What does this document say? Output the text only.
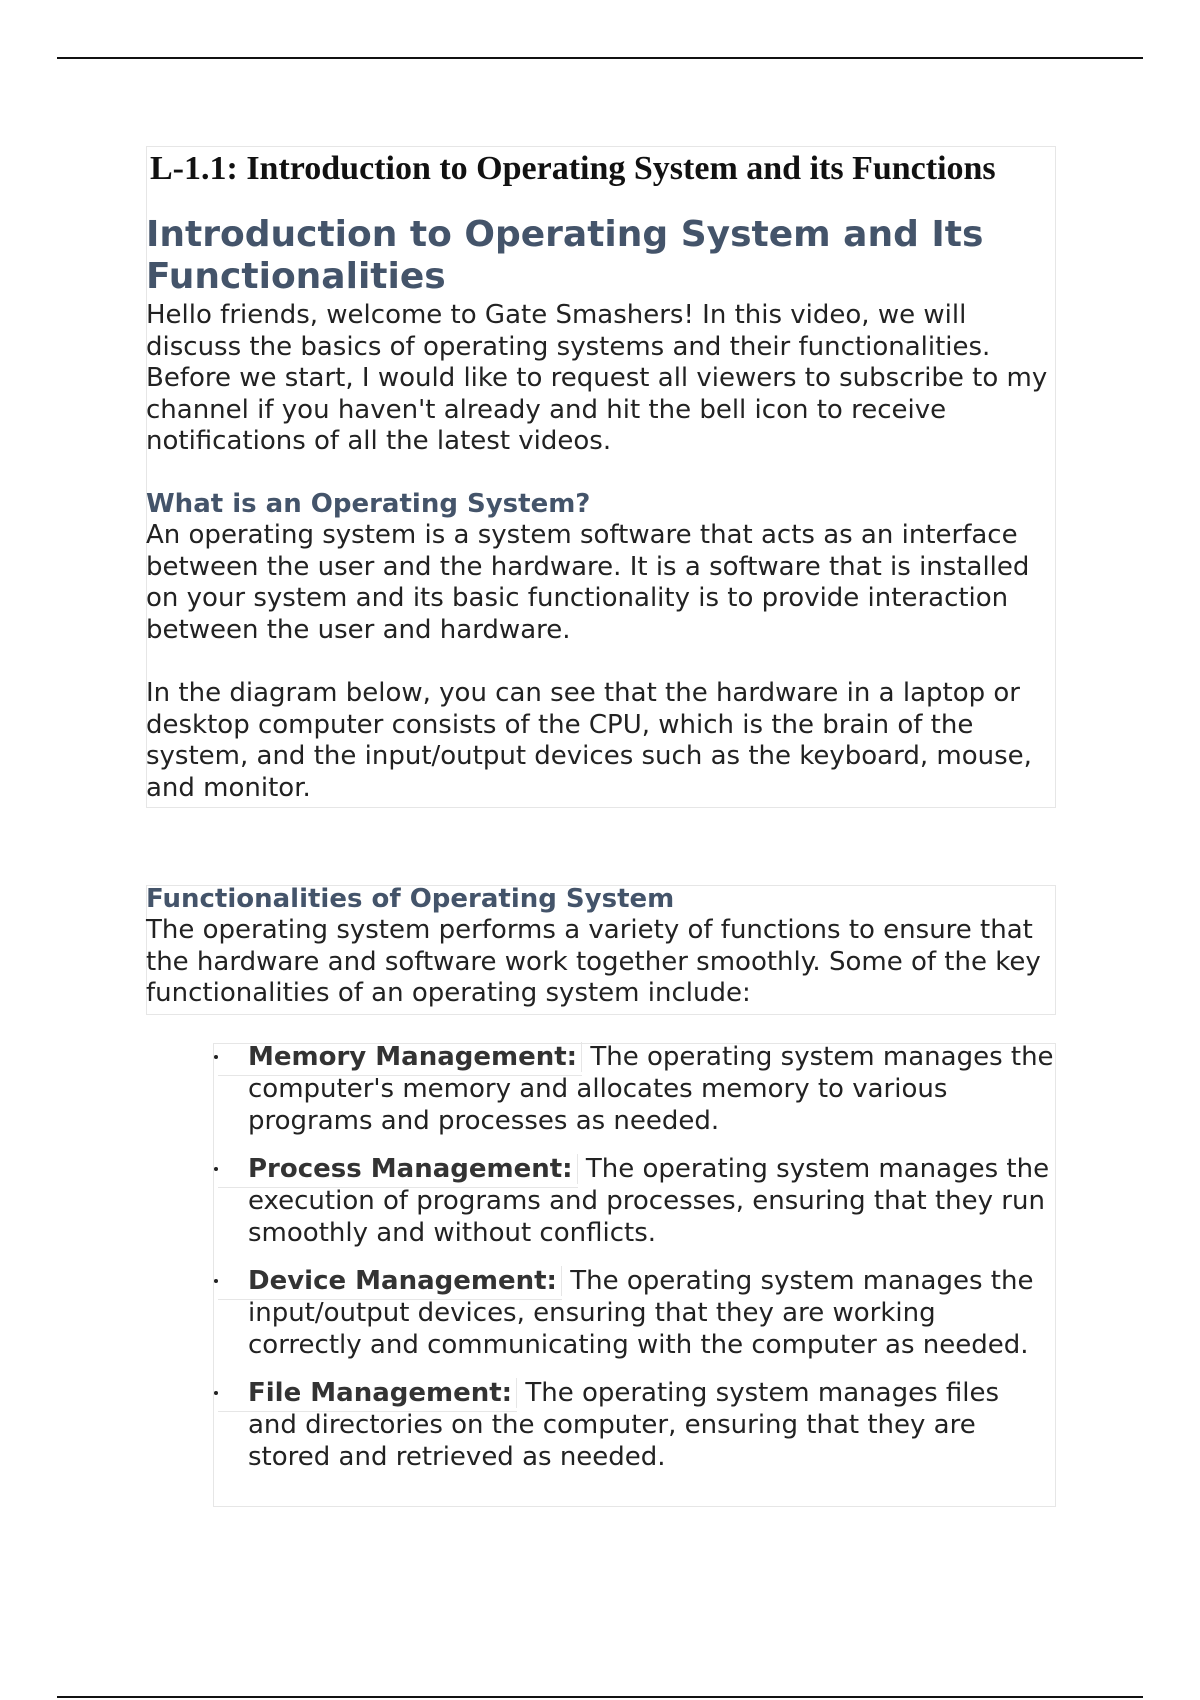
L-1.1: Introduction to Operating System and its Functions
Introduction to Operating System and Its Functionalities

Hello friends, welcome to Gate Smashers! In this video, we will discuss the basics of operating systems and their functionalities. Before we start, I would like to request all viewers to subscribe to my channel if you haven't already and hit the bell icon to receive notifications of all the latest videos.

What is an Operating System?

An operating system is a system software that acts as an interface between the user and the hardware. It is a software that is installed on your system and its basic functionality is to provide interaction between the user and hardware.

In the diagram below, you can see that the hardware in a laptop or desktop computer consists of the CPU, which is the brain of the system, and the input/output devices such as the keyboard, mouse, and monitor.

Functionalities of Operating System

The operating system performs a variety of functions to ensure that the hardware and software work together smoothly. Some of the key functionalities of an operating system include:

Memory Management: The operating system manages the computer's memory and allocates memory to various programs and processes as needed.
Process Management: The operating system manages the execution of programs and processes, ensuring that they run smoothly and without conflicts.
Device Management: The operating system manages the input/output devices, ensuring that they are working correctly and communicating with the computer as needed.
File Management: The operating system manages files and directories on the computer, ensuring that they are stored and retrieved as needed.
